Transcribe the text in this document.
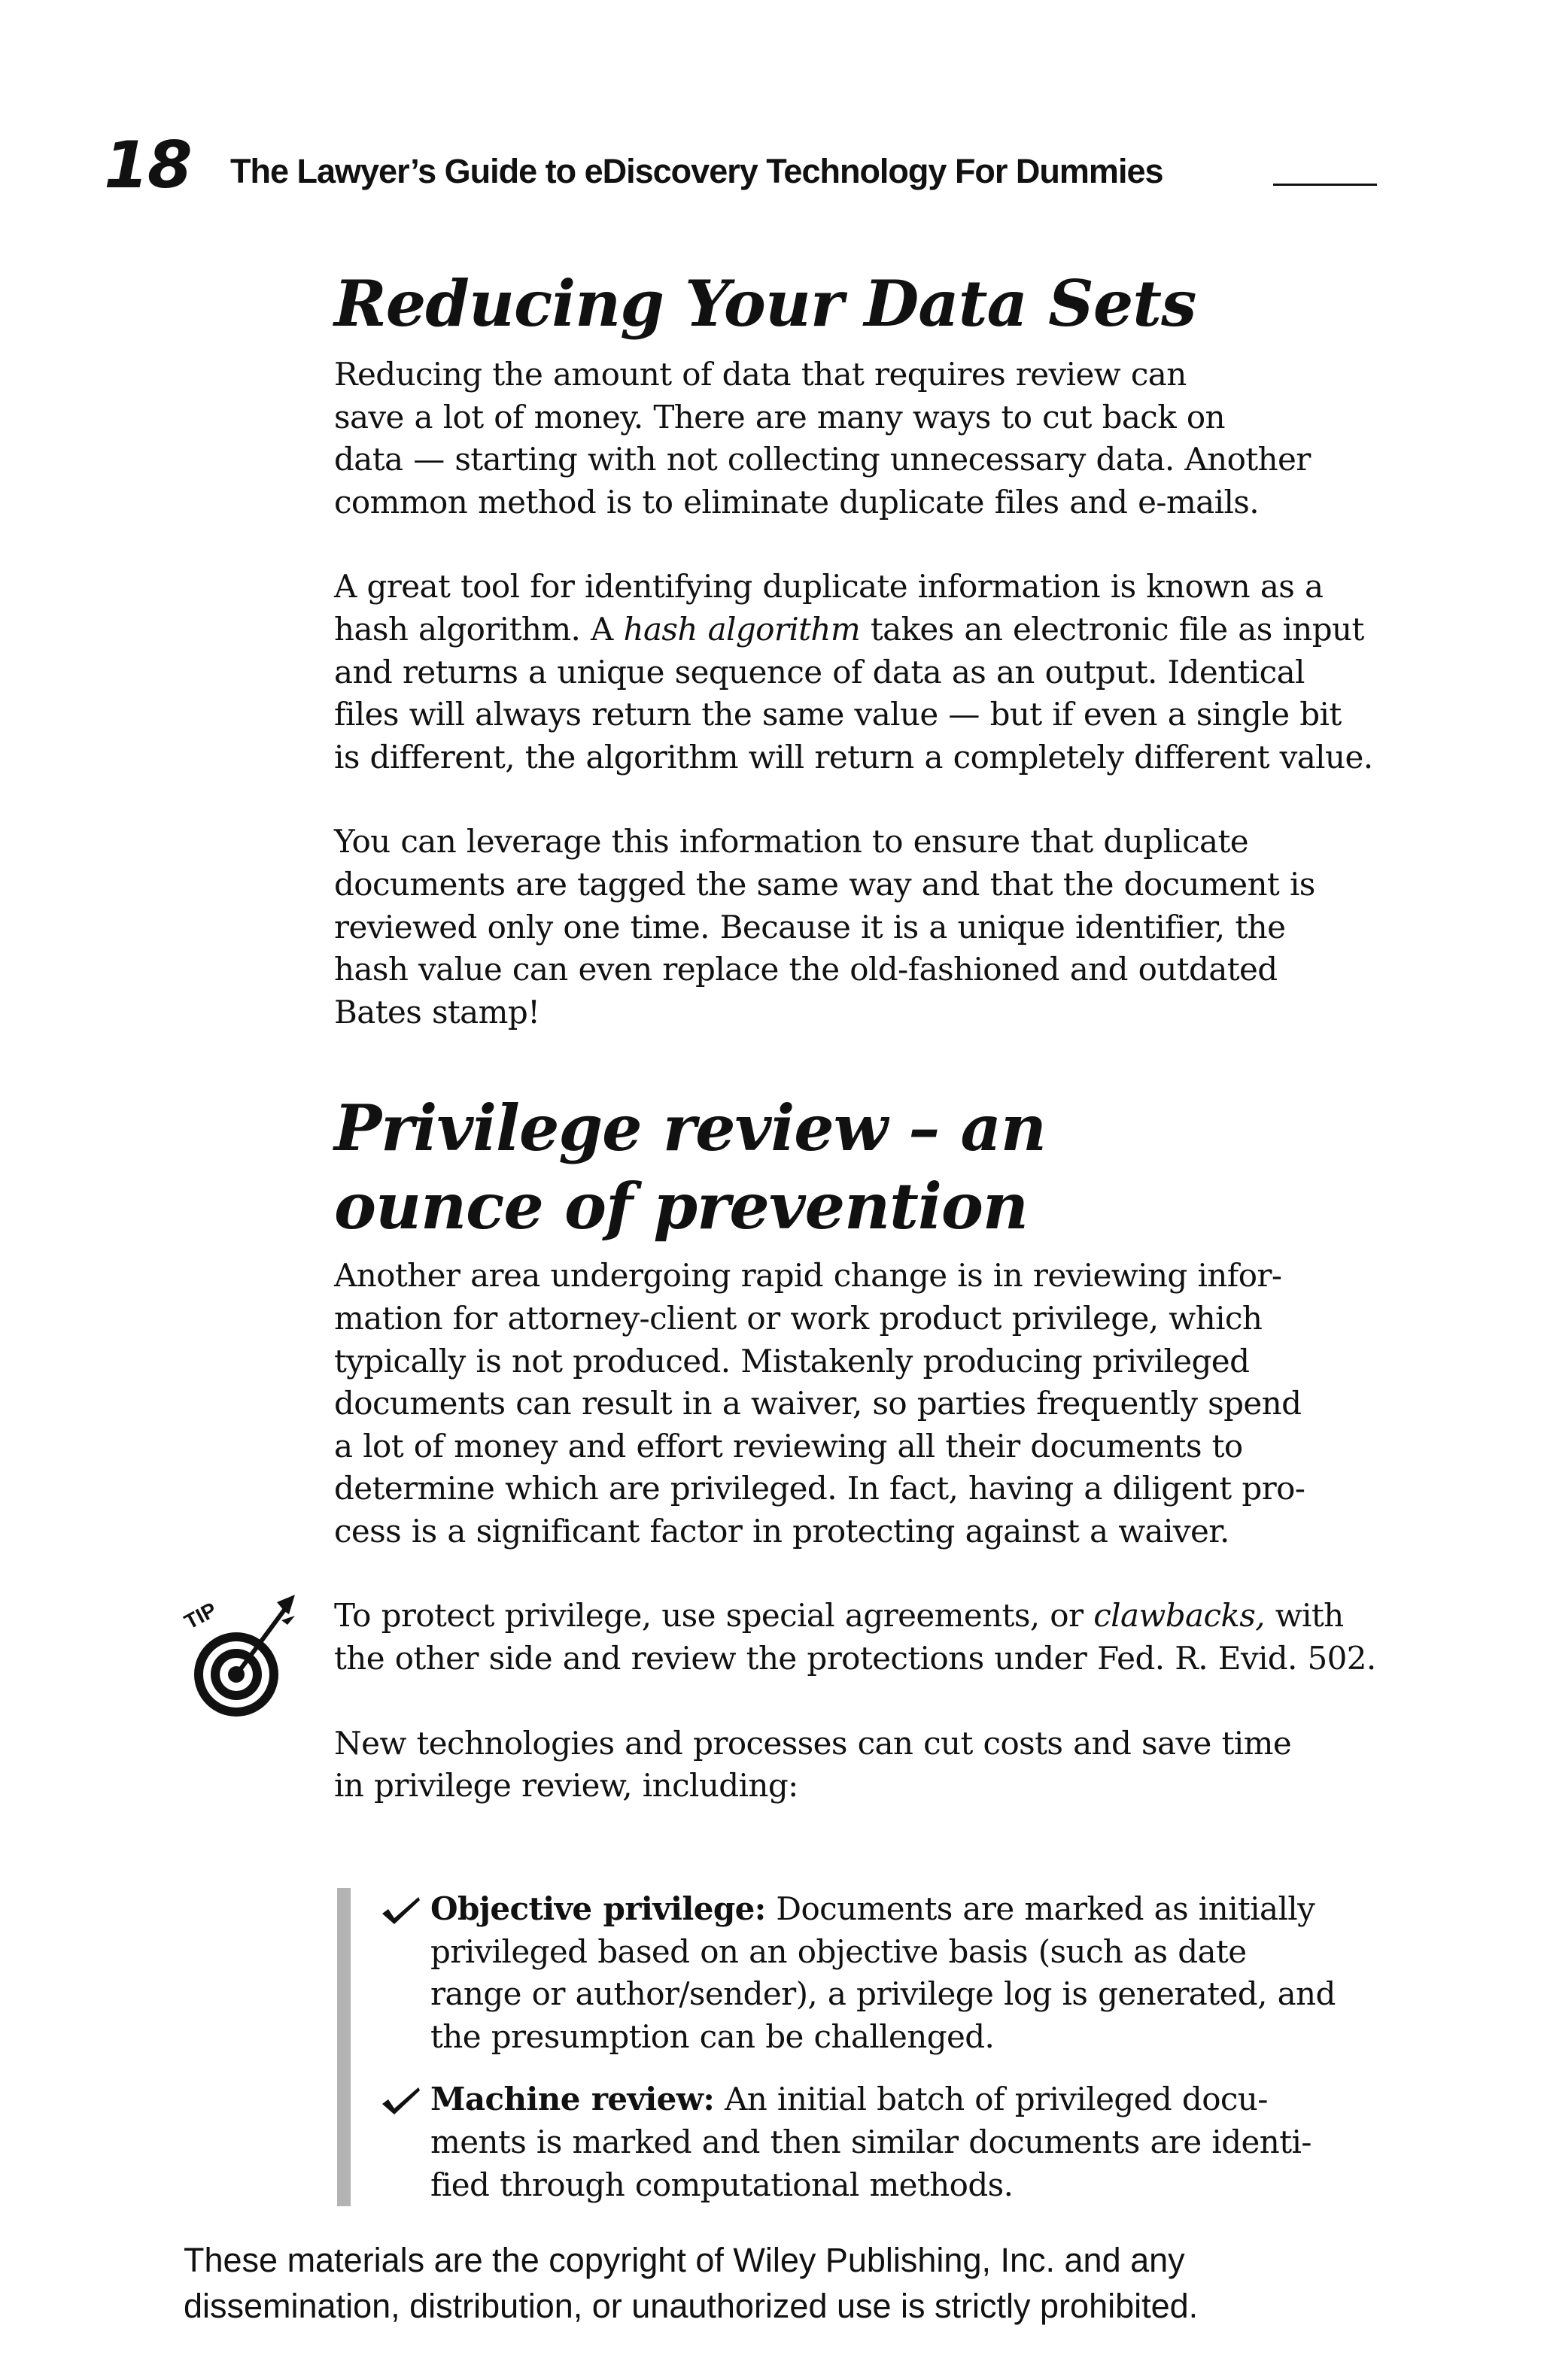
18 The Lawyer’s Guide to eDiscovery Technology For Dummies
Reducing Your Data Sets

Reducing the amount of data that requires review can
save a lot of money. There are many ways to cut back on
data — starting with not collecting unnecessary data. Another
common method is to eliminate duplicate files and e-mails.

A great tool for identifying duplicate information is known as a
hash algorithm. A hash algorithm takes an electronic file as input
and returns a unique sequence of data as an output. Identical
files will always return the same value — but if even a single bit
is different, the algorithm will return a completely different value.

You can leverage this information to ensure that duplicate
documents are tagged the same way and that the document is
reviewed only one time. Because it is a unique identifier, the
hash value can even replace the old-fashioned and outdated
Bates stamp!

Privilege review – an
ounce of prevention

Another area undergoing rapid change is in reviewing infor-
mation for attorney-client or work product privilege, which
typically is not produced. Mistakenly producing privileged
documents can result in a waiver, so parties frequently spend
a lot of money and effort reviewing all their documents to
determine which are privileged. In fact, having a diligent pro-
cess is a significant factor in protecting against a waiver.

To protect privilege, use special agreements, or clawbacks, with
the other side and review the protections under Fed. R. Evid. 502.

New technologies and processes can cut costs and save time
in privilege review, including:

TIP

Objective privilege: Documents are marked as initially
privileged based on an objective basis (such as date
range or author/sender), a privilege log is generated, and
the presumption can be challenged.

Machine review: An initial batch of privileged docu-
ments is marked and then similar documents are identi-
fied through computational methods.

These materials are the copyright of Wiley Publishing, Inc. and any

dissemination, distribution, or unauthorized use is strictly prohibited.
